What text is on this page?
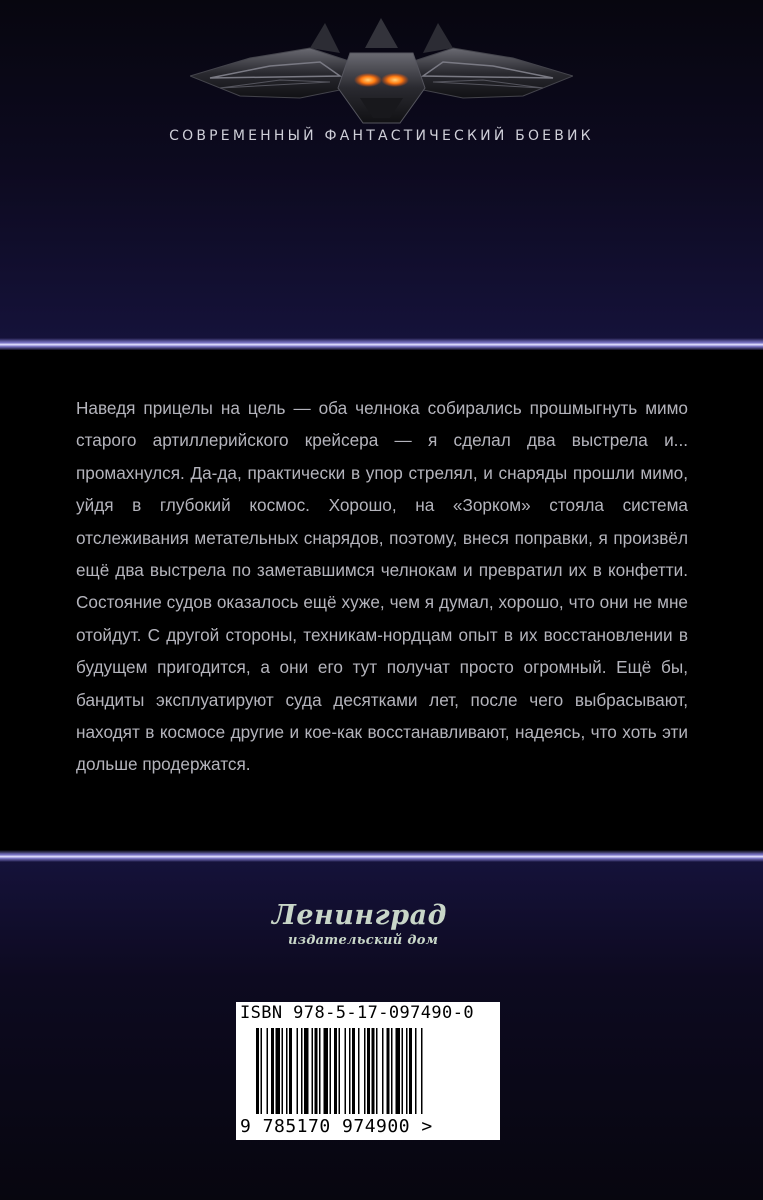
СОВРЕМЕННЫЙ ФАНТАСТИЧЕСКИЙ БОЕВИК

Наведя прицелы на цель — оба челнока собирались прошмыгнуть мимо старого артиллерийского крейсера — я сделал два выстрела и... промахнулся. Да-да, практически в упор стрелял, и снаряды прошли мимо, уйдя в глубокий космос. Хорошо, на «Зорком» стояла система отслеживания метательных снарядов, поэтому, внеся поправки, я произвёл ещё два выстрела по заметавшимся челнокам и превратил их в конфетти. Состояние судов оказалось ещё хуже, чем я думал, хорошо, что они не мне отойдут. С другой стороны, техникам-нордцам опыт в их восстановлении в будущем пригодится, а они его тут получат просто огромный. Ещё бы, бандиты эксплуатируют суда десятками лет, после чего выбрасывают, находят в космосе другие и кое-как восстанавливают, надеясь, что хоть эти дольше продержатся.

Ленинград
издательский дом
ISBN 978-5-17-097490-0
9 785170 974900 >
